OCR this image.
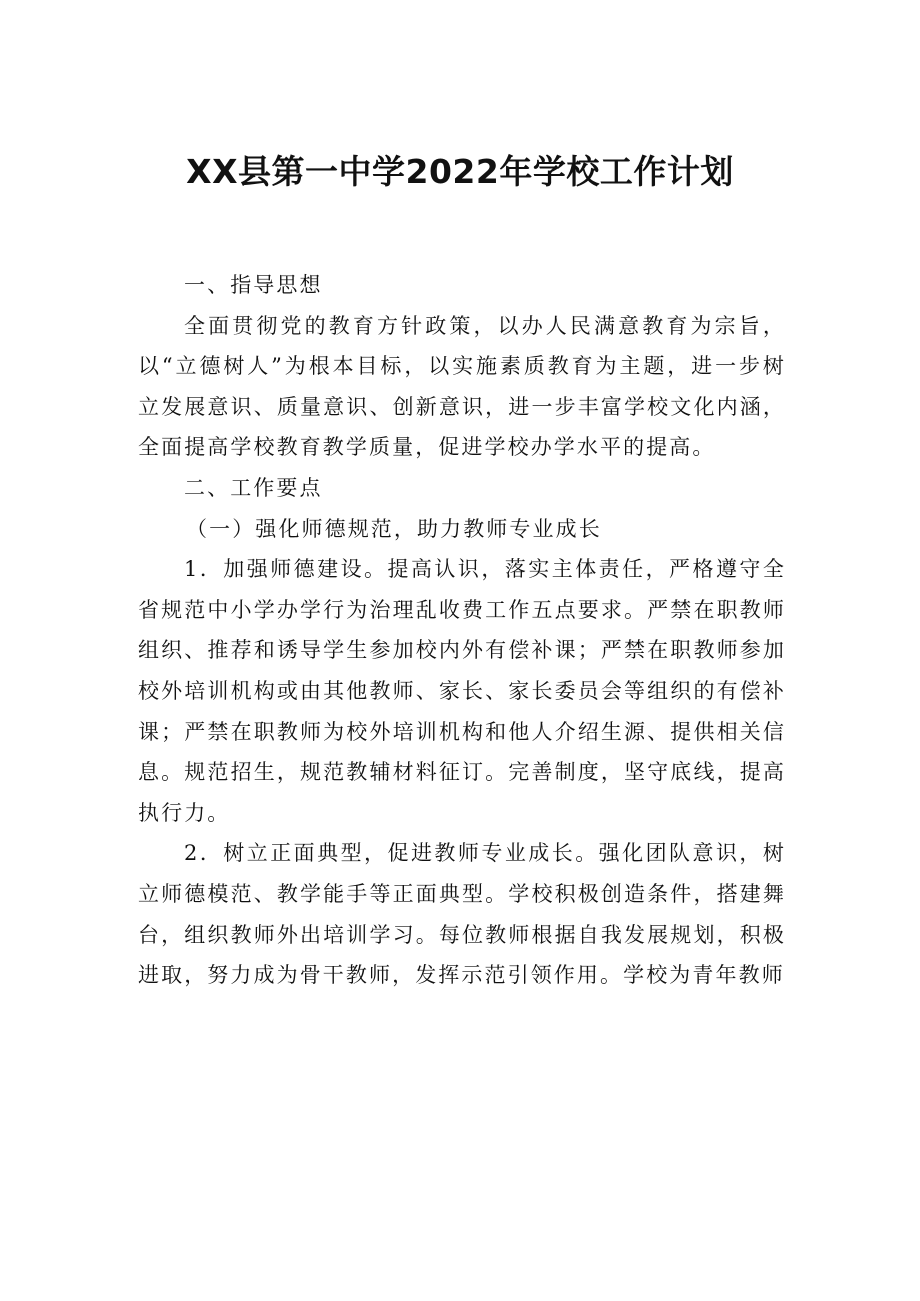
XX县第一中学2022年学校工作计划

一、指导思想

全面贯彻党的教育方针政策，以办人民满意教育为宗旨，以“立德树人”为根本目标，以实施素质教育为主题，进一步树立发展意识、质量意识、创新意识，进一步丰富学校文化内涵，全面提高学校教育教学质量，促进学校办学水平的提高。

二、工作要点

（一）强化师德规范，助力教师专业成长

1．加强师德建设。提高认识，落实主体责任，严格遵守全省规范中小学办学行为治理乱收费工作五点要求。严禁在职教师组织、推荐和诱导学生参加校内外有偿补课；严禁在职教师参加校外培训机构或由其他教师、家长、家长委员会等组织的有偿补课；严禁在职教师为校外培训机构和他人介绍生源、提供相关信息。规范招生，规范教辅材料征订。完善制度，坚守底线，提高执行力。

2．树立正面典型，促进教师专业成长。强化团队意识，树立师德模范、教学能手等正面典型。学校积极创造条件，搭建舞台，组织教师外出培训学习。每位教师根据自我发展规划，积极进取，努力成为骨干教师，发挥示范引领作用。学校为青年教师
